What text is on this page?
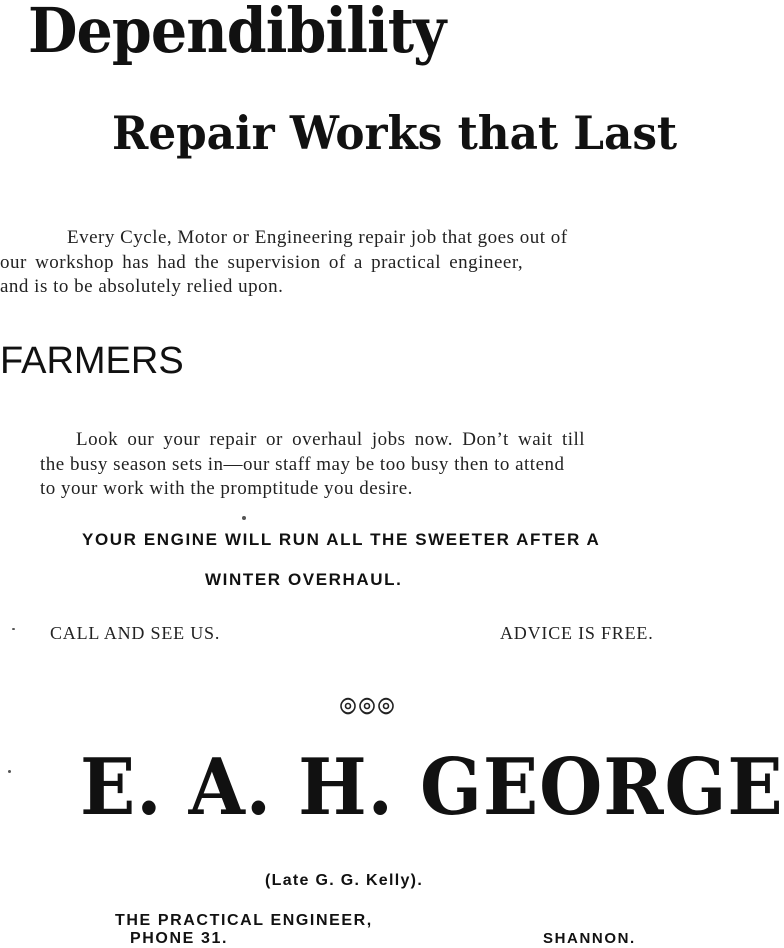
Dependibility
Repair Works that Last
Every Cycle, Motor or Engineering repair job that goes out of
our workshop has had the supervision of a practical engineer,
and is to be absolutely relied upon.
FARMERS
Look our your repair or overhaul jobs now. Don’t wait till
the busy season sets in—our staff may be too busy then to attend
to your work with the promptitude you desire.
YOUR ENGINE WILL RUN ALL THE SWEETER AFTER A
WINTER OVERHAUL.
CALL AND SEE US.	ADVICE IS FREE.
E. A. H. GEORGE
(Late G. G. Kelly).
THE PRACTICAL ENGINEER,
PHONE 31.	SHANNON.
